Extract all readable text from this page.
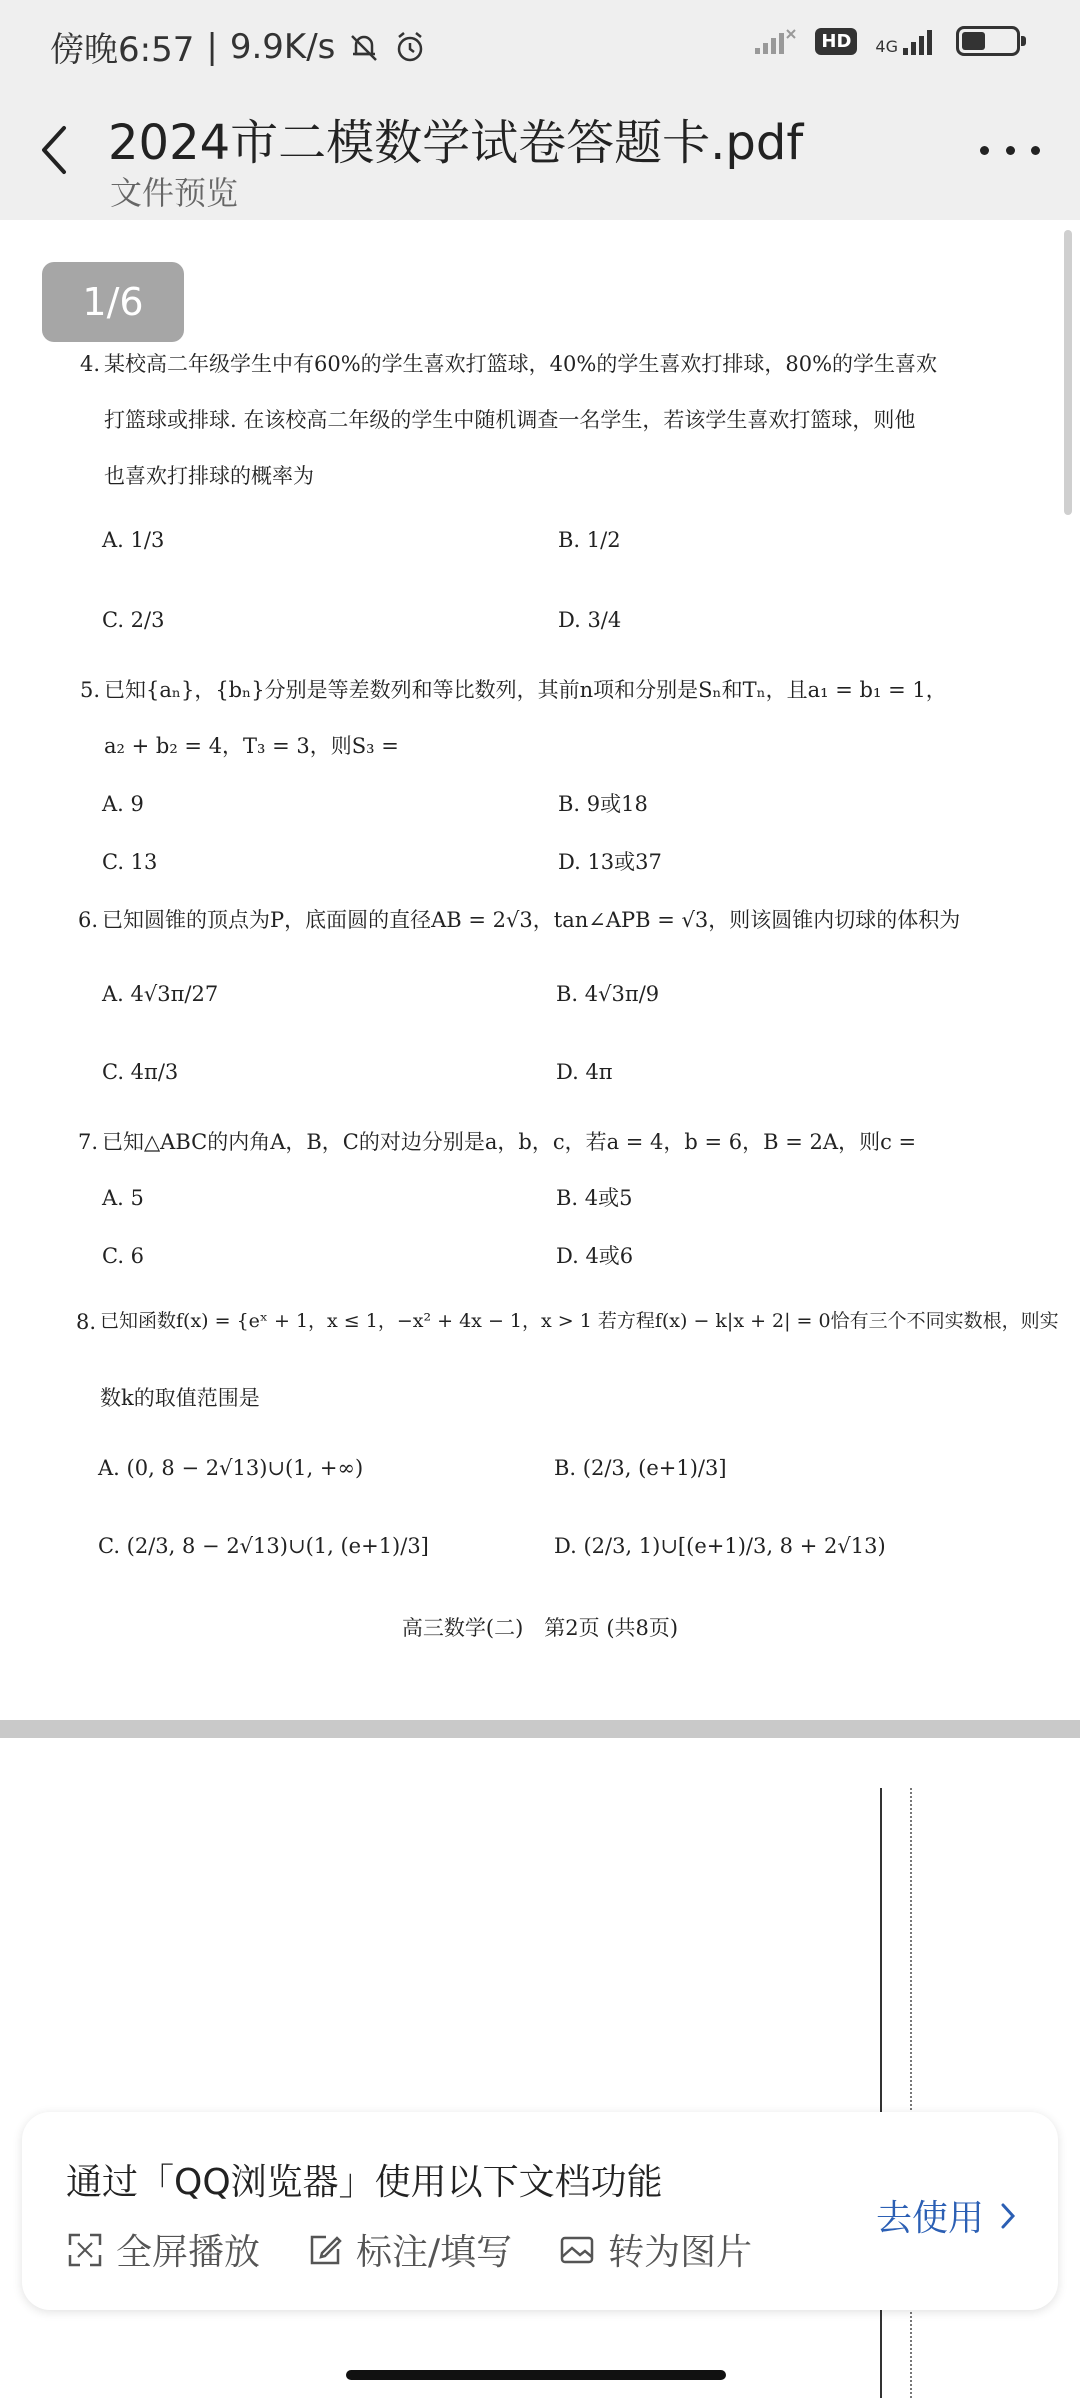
傍晚6:57 | 9.9K/s	HD	4G
2024市二模数学试卷答题卡.pdf
文件预览
4. 某校高二年级学生中有60%的学生喜欢打篮球，40%的学生喜欢打排球，80%的学生喜欢
打篮球或排球. 在该校高二年级的学生中随机调查一名学生，若该学生喜欢打篮球，则他
也喜欢打排球的概率为
A. 1/3	B. 1/2
C. 2/3	D. 3/4
5. 已知{aₙ}，{bₙ}分别是等差数列和等比数列，其前n项和分别是Sₙ和Tₙ，且a₁ = b₁ = 1，
a₂ + b₂ = 4，T₃ = 3，则S₃ =
A. 9	B. 9或18
C. 13	D. 13或37
6. 已知圆锥的顶点为P，底面圆的直径AB = 2√3，tan∠APB = √3，则该圆锥内切球的体积为
A. 4√3π/27	B. 4√3π/9
C. 4π/3	D. 4π
7. 已知△ABC的内角A，B，C的对边分别是a，b，c，若a = 4，b = 6，B = 2A，则c =
A. 5	B. 4或5
C. 6	D. 4或6
8. 已知函数f(x) = {eˣ + 1，x ≤ 1，−x² + 4x − 1，x > 1 若方程f(x) − k|x + 2| = 0恰有三个不同实数根，则实
数k的取值范围是
A. (0, 8 − 2√13)∪(1, +∞)	B. (2/3, (e+1)/3]
C. (2/3, 8 − 2√13)∪(1, (e+1)/3]	D. (2/3, 1)∪[(e+1)/3, 8 + 2√13)
高三数学(二)　第2页 (共8页)
1/6
通过「QQ浏览器」使用以下文档功能
全屏播放	标注/填写	转为图片
去使用
